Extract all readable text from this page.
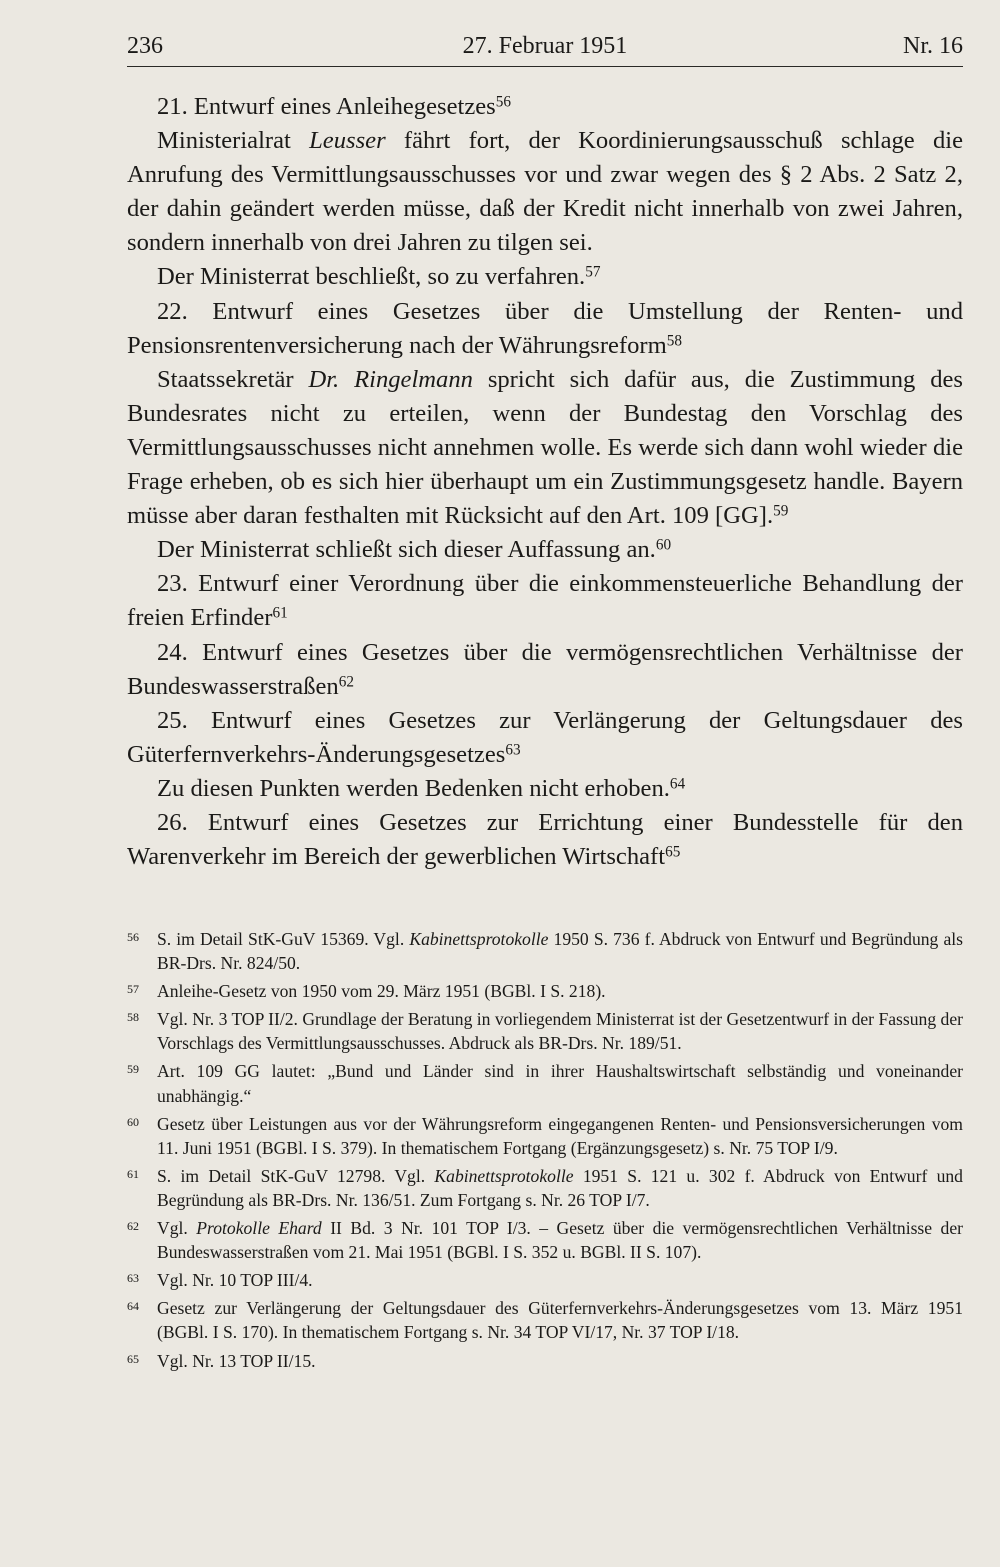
236	27. Februar 1951	Nr. 16

21. Entwurf eines Anleihegesetzes$^{56}$

Ministerialrat Leusser fährt fort, der Koordinierungsausschuß schlage die Anrufung des Vermittlungsausschusses vor und zwar wegen des § 2 Abs. 2 Satz 2, der dahin geändert werden müsse, daß der Kredit nicht innerhalb von zwei Jahren, sondern innerhalb von drei Jahren zu tilgen sei.

Der Ministerrat beschließt, so zu verfahren.$^{57}$

22. Entwurf eines Gesetzes über die Umstellung der Renten- und Pensionsrentenversicherung nach der Währungsreform$^{58}$

Staatssekretär Dr. Ringelmann spricht sich dafür aus, die Zustimmung des Bundesrates nicht zu erteilen, wenn der Bundestag den Vorschlag des Vermittlungsausschusses nicht annehmen wolle. Es werde sich dann wohl wieder die Frage erheben, ob es sich hier überhaupt um ein Zustimmungsgesetz handle. Bayern müsse aber daran festhalten mit Rücksicht auf den Art. 109 [GG].$^{59}$

Der Ministerrat schließt sich dieser Auffassung an.$^{60}$

23. Entwurf einer Verordnung über die einkommensteuerliche Behandlung der freien Erfinder$^{61}$

24. Entwurf eines Gesetzes über die vermögensrechtlichen Verhältnisse der Bundeswasserstraßen$^{62}$

25. Entwurf eines Gesetzes zur Verlängerung der Geltungsdauer des Güterfernverkehrs-Änderungsgesetzes$^{63}$

Zu diesen Punkten werden Bedenken nicht erhoben.$^{64}$

26. Entwurf eines Gesetzes zur Errichtung einer Bundesstelle für den Warenverkehr im Bereich der gewerblichen Wirtschaft$^{65}$

56	S. im Detail StK-GuV 15369. Vgl. Kabinettsprotokolle 1950 S. 736 f. Abdruck von Entwurf und Begründung als BR-Drs. Nr. 824/50.
57	Anleihe-Gesetz von 1950 vom 29. März 1951 (BGBl. I S. 218).
58	Vgl. Nr. 3 TOP II/2. Grundlage der Beratung in vorliegendem Ministerrat ist der Gesetzentwurf in der Fassung der Vorschlags des Vermittlungsausschusses. Abdruck als BR-Drs. Nr. 189/51.
59	Art. 109 GG lautet: „Bund und Länder sind in ihrer Haushaltswirtschaft selbständig und voneinander unabhängig.“
60	Gesetz über Leistungen aus vor der Währungsreform eingegangenen Renten- und Pensionsversicherungen vom 11. Juni 1951 (BGBl. I S. 379). In thematischem Fortgang (Ergänzungsgesetz) s. Nr. 75 TOP I/9.
61	S. im Detail StK-GuV 12798. Vgl. Kabinettsprotokolle 1951 S. 121 u. 302 f. Abdruck von Entwurf und Begründung als BR-Drs. Nr. 136/51. Zum Fortgang s. Nr. 26 TOP I/7.
62	Vgl. Protokolle Ehard II Bd. 3 Nr. 101 TOP I/3. – Gesetz über die vermögensrechtlichen Verhältnisse der Bundeswasserstraßen vom 21. Mai 1951 (BGBl. I S. 352 u. BGBl. II S. 107).
63	Vgl. Nr. 10 TOP III/4.
64	Gesetz zur Verlängerung der Geltungsdauer des Güterfernverkehrs-Änderungsgesetzes vom 13. März 1951 (BGBl. I S. 170). In thematischem Fortgang s. Nr. 34 TOP VI/17, Nr. 37 TOP I/18.
65	Vgl. Nr. 13 TOP II/15.
